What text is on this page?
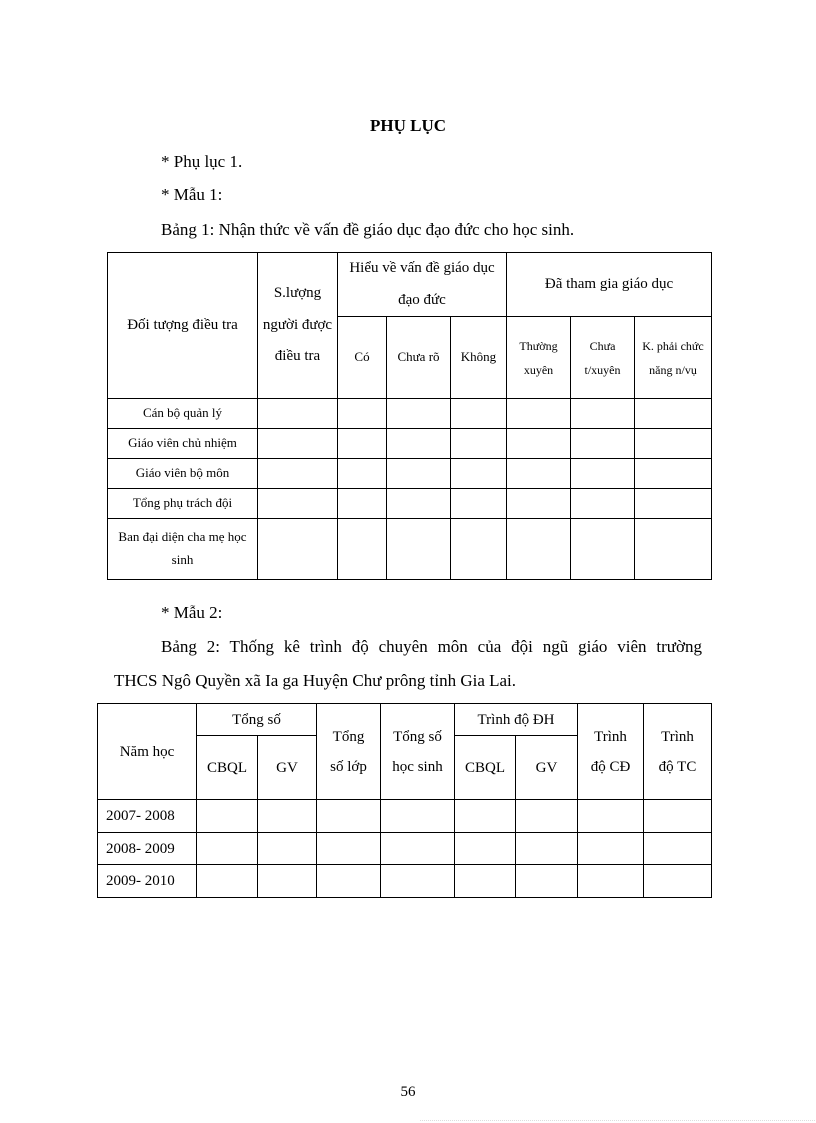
PHỤ LỤC
* Phụ lục 1.
* Mẫu 1:
Bảng 1: Nhận thức về vấn đề giáo dục đạo đức cho học sinh.
Đối tượng điều tra	S.lượng người được điều tra	Hiểu về vấn đề giáo dục đạo đức			Đã tham gia giáo dục		
		Có	Chưa rõ	Không	Thường xuyên	Chưa t/xuyên	K. phải chức năng n/vụ
Cán bộ quản lý							
Giáo viên chủ nhiệm							
Giáo viên bộ môn							
Tổng phụ trách đội							
Ban đại diện cha mẹ học sinh							
* Mẫu 2:
Bảng 2: Thống kê trình độ chuyên môn của đội ngũ giáo viên trường
THCS Ngô Quyền xã Ia ga Huyện Chư prông tỉnh Gia Lai.
Năm học	Tổng số		Tổng số lớp	Tổng số học sinh	Trình độ ĐH		Trình độ CĐ	Trình độ TC
	CBQL	GV			CBQL	GV		
2007- 2008								
2008- 2009								
2009- 2010								
56
